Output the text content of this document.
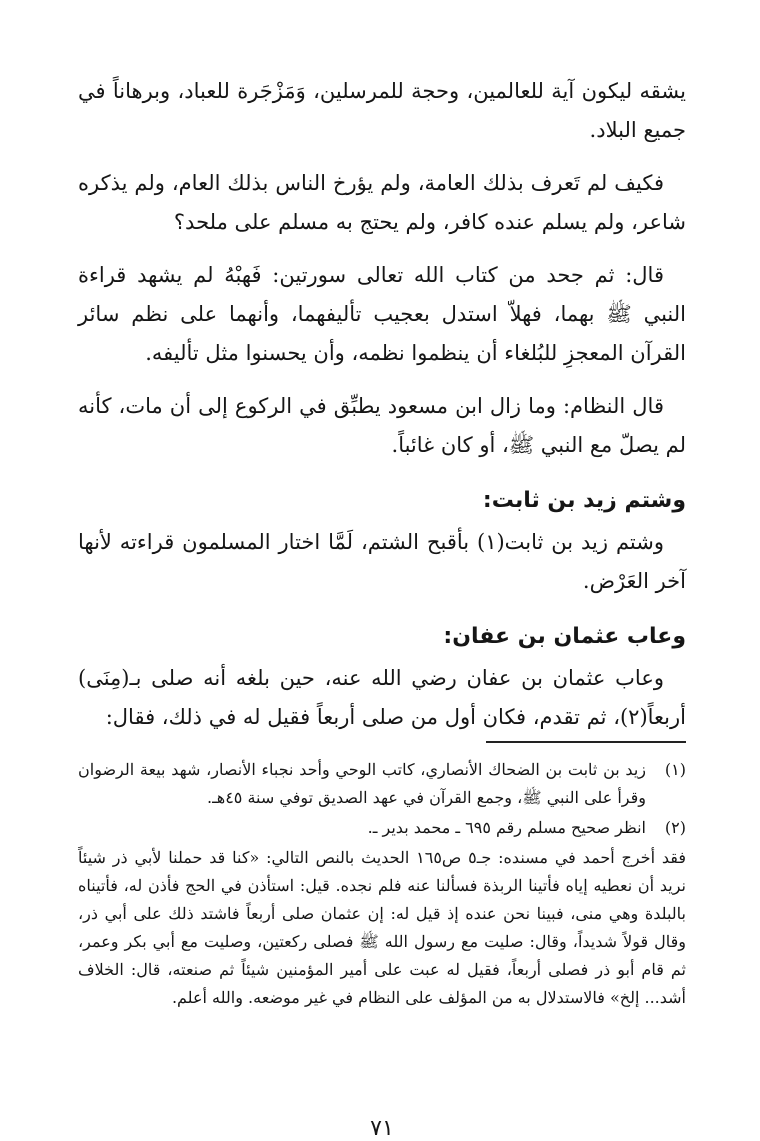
يشقه ليكون آية للعالمين، وحجة للمرسلين، وَمَزْجَرة للعباد، وبرهاناً في جميع البلاد.

فكيف لم تَعرف بذلك العامة، ولم يؤرخ الناس بذلك العام، ولم يذكره شاعر، ولم يسلم عنده كافر، ولم يحتج به مسلم على ملحد؟

قال: ثم جحد من كتاب الله تعالى سورتين: فَهبْهُ لم يشهد قراءة النبي ﷺ بهما، فهلاّ استدل بعجيب تأليفهما، وأنهما على نظم سائر القرآن المعجزِ للبُلغاء أن ينظموا نظمه، وأن يحسنوا مثل تأليفه.

قال النظام: وما زال ابن مسعود يطبِّق في الركوع إلى أن مات، كأنه لم يصلّ مع النبي ﷺ، أو كان غائباً.

وشتم زيد بن ثابت:

وشتم زيد بن ثابت(١) بأقبح الشتم، لَمَّا اختار المسلمون قراءته لأنها آخر العَرْض.

وعاب عثمان بن عفان:

وعاب عثمان بن عفان رضي الله عنه، حين بلغه أنه صلى بـ(مِنَى) أربعاً(٢)، ثم تقدم، فكان أول من صلى أربعاً فقيل له في ذلك، فقال:

(١)
زيد بن ثابت بن الضحاك الأنصاري، كاتب الوحي وأحد نجباء الأنصار، شهد بيعة الرضوان وقرأ على النبي ﷺ، وجمع القرآن في عهد الصديق توفي سنة ٤٥هـ.
(٢)
انظر صحيح مسلم رقم ٦٩٥ ـ محمد بدير ـ.
فقد أخرج أحمد في مسنده: جـ٥ ص١٦٥ الحديث بالنص التالي: «كنا قد حملنا لأبي ذر شيئاً نريد أن نعطيه إياه فأتينا الربذة فسألنا عنه فلم نجده. قيل: استأذن في الحج فأذن له، فأتيناه بالبلدة وهي منى، فبينا نحن عنده إذ قيل له: إن عثمان صلى أربعاً فاشتد ذلك على أبي ذر، وقال قولاً شديداً، وقال: صليت مع رسول الله ﷺ فصلى ركعتين، وصليت مع أبي بكر وعمر، ثم قام أبو ذر فصلى أربعاً، فقيل له عبت على أمير المؤمنين شيئاً ثم صنعته، قال: الخلاف أشد... إلخ» فالاستدلال به من المؤلف على النظام في غير موضعه. والله أعلم.
٧١
